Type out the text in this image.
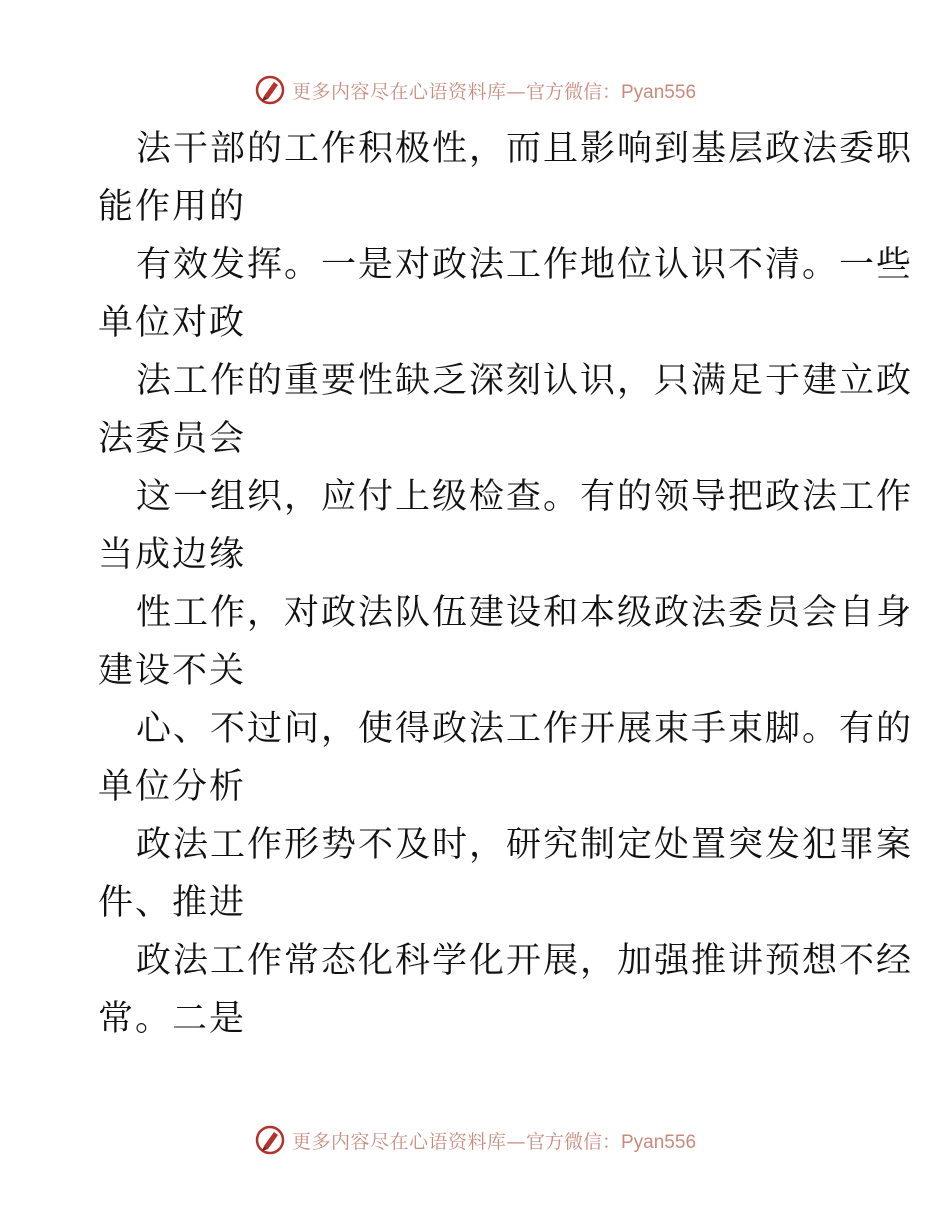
更多内容尽在心语资料库— 官方微信：Pyan556

法干部的工作积极性，而且影响到基层政法委职
能作用的

有效发挥。一是对政法工作地位认识不清。一些
单位对政

法工作的重要性缺乏深刻认识，只满足于建立政
法委员会

这一组织，应付上级检查。有的领导把政法工作
当成边缘

性工作，对政法队伍建设和本级政法委员会自身
建设不关

心、不过问，使得政法工作开展束手束脚。有的
单位分析

政法工作形势不及时，研究制定处置突发犯罪案
件、推进

政法工作常态化科学化开展，加强推讲预想不经
常。二是

更多内容尽在心语资料库— 官方微信：Pyan556
